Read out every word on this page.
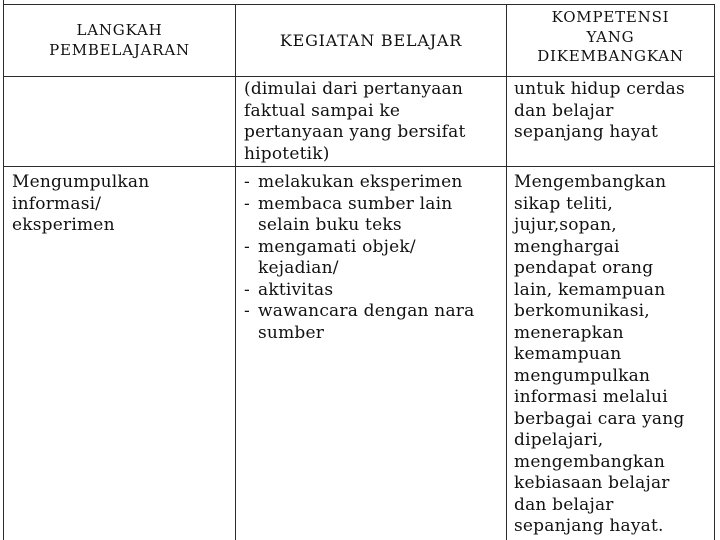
LANGKAH
PEMBELAJARAN	KEGIATAN BELAJAR
KOMPETENSI
YANG
DIKEMBANGKAN
(dimulai dari pertanyaan
faktual sampai ke
pertanyaan yang bersifat
hipotetik)
untuk hidup cerdas
dan belajar
sepanjang hayat
Mengumpulkan
informasi/
eksperimen
- melakukan eksperimen
- membaca sumber lain
selain buku teks
- mengamati objek/
kejadian/
- aktivitas
- wawancara dengan nara
sumber
Mengembangkan
sikap teliti,
jujur,sopan,
menghargai
pendapat orang
lain, kemampuan
berkomunikasi,
menerapkan
kemampuan
mengumpulkan
informasi melalui
berbagai cara yang
dipelajari,
mengembangkan
kebiasaan belajar
dan belajar
sepanjang hayat.
